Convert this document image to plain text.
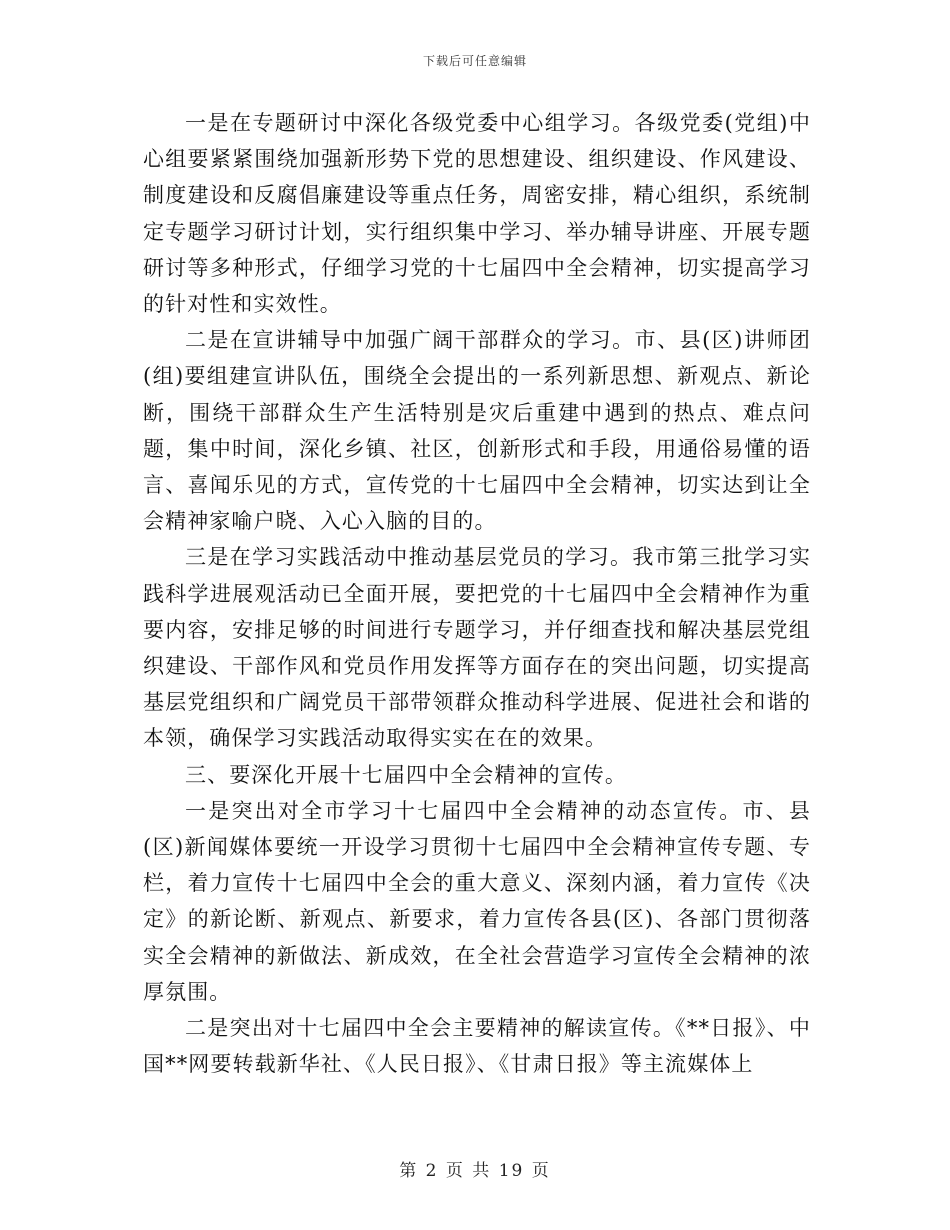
下载后可任意编辑

一是在专题研讨中深化各级党委中心组学习。各级党委(党组)中心组要紧紧围绕加强新形势下党的思想建设、组织建设、作风建设、制度建设和反腐倡廉建设等重点任务，周密安排，精心组织，系统制定专题学习研讨计划，实行组织集中学习、举办辅导讲座、开展专题研讨等多种形式，仔细学习党的十七届四中全会精神，切实提高学习的针对性和实效性。

二是在宣讲辅导中加强广阔干部群众的学习。市、县(区)讲师团(组)要组建宣讲队伍，围绕全会提出的一系列新思想、新观点、新论断，围绕干部群众生产生活特别是灾后重建中遇到的热点、难点问题，集中时间，深化乡镇、社区，创新形式和手段，用通俗易懂的语言、喜闻乐见的方式，宣传党的十七届四中全会精神，切实达到让全会精神家喻户晓、入心入脑的目的。

三是在学习实践活动中推动基层党员的学习。我市第三批学习实践科学进展观活动已全面开展，要把党的十七届四中全会精神作为重要内容，安排足够的时间进行专题学习，并仔细查找和解决基层党组织建设、干部作风和党员作用发挥等方面存在的突出问题，切实提高基层党组织和广阔党员干部带领群众推动科学进展、促进社会和谐的本领，确保学习实践活动取得实实在在的效果。

三、要深化开展十七届四中全会精神的宣传。

一是突出对全市学习十七届四中全会精神的动态宣传。市、县(区)新闻媒体要统一开设学习贯彻十七届四中全会精神宣传专题、专栏，着力宣传十七届四中全会的重大意义、深刻内涵，着力宣传《决定》的新论断、新观点、新要求，着力宣传各县(区)、各部门贯彻落实全会精神的新做法、新成效，在全社会营造学习宣传全会精神的浓厚氛围。

二是突出对十七届四中全会主要精神的解读宣传。《**日报》、中国**网要转载新华社、《人民日报》、《甘肃日报》等主流媒体上

第 2 页 共 19 页
